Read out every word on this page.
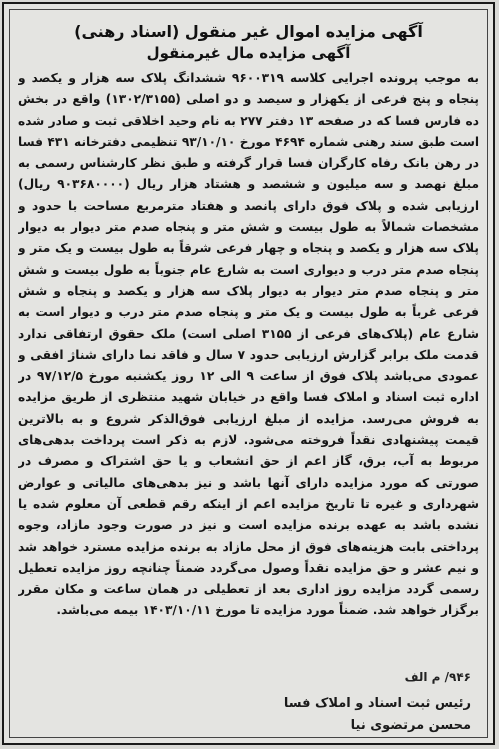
آگهی مزایده اموال غیر منقول (اسناد رهنی)
آگهی مزایده مال غیرمنقول

به موجب پرونده اجرایی کلاسه ۹۶۰۰۳۱۹ ششدانگ پلاک سه هزار و یکصد و پنجاه و پنج فرعی از یکهزار و سیصد و دو اصلی (۱۳۰۲/۳۱۵۵) واقع در بخش ده فارس فسا که در صفحه ۱۳ دفتر ۲۷۷ به نام وحید اخلاقی ثبت و صادر شده است طبق سند رهنی شماره ۴۶۹۴ مورخ ۹۳/۱۰/۱۰ تنظیمی دفترخانه ۴۳۱ فسا در رهن بانک رفاه کارگران فسا قرار گرفته و طبق نظر کارشناس رسمی به مبلغ نهصد و سه میلیون و ششصد و هشتاد هزار ریال (۹۰۳۶۸۰۰۰۰ ریال) ارزیابی شده و پلاک فوق دارای پانصد و هفتاد مترمربع مساحت با حدود و مشخصات شمالاً به طول بیست و شش متر و پنجاه صدم متر دیوار به دیوار پلاک سه هزار و یکصد و پنجاه و چهار فرعی شرقاً به طول بیست و یک متر و پنجاه صدم متر درب و دیواری است به شارع عام جنوباً به طول بیست و شش متر و پنجاه صدم متر دیوار به دیوار پلاک سه هزار و یکصد و پنجاه و شش فرعی غرباً به طول بیست و یک متر و پنجاه صدم متر درب و دیوار است به شارع عام (پلاک‌های فرعی از ۳۱۵۵ اصلی است) ملک حقوق ارتفاقی ندارد قدمت ملک برابر گزارش ارزیابی حدود ۷ سال و فاقد نما دارای شناژ افقی و عمودی می‌باشد پلاک فوق از ساعت ۹ الی ۱۲ روز یکشنبه مورخ ۹۷/۱۲/۵ در اداره ثبت اسناد و املاک فسا واقع در خیابان شهید منتظری از طریق مزایده به فروش می‌رسد. مزایده از مبلغ ارزیابی فوق‌الذکر شروع و به بالاترین قیمت پیشنهادی نقداً فروخته می‌شود. لازم به ذکر است پرداخت بدهی‌های مربوط به آب، برق، گاز اعم از حق انشعاب و یا حق اشتراک و مصرف در صورتی که مورد مزایده دارای آنها باشد و نیز بدهی‌های مالیاتی و عوارض شهرداری و غیره تا تاریخ مزایده اعم از اینکه رقم قطعی آن معلوم شده یا نشده باشد به عهده برنده مزایده است و نیز در صورت وجود مازاد، وجوه پرداختی بابت هزینه‌های فوق از محل مازاد به برنده مزایده مسترد خواهد شد و نیم عشر و حق مزایده نقداً وصول می‌گردد ضمناً چنانچه روز مزایده تعطیل رسمی گردد مزایده روز اداری بعد از تعطیلی در همان ساعت و مکان مقرر برگزار خواهد شد. ضمناً مورد مزایده تا مورخ ۱۴۰۳/۱۰/۱۱ بیمه می‌باشد.

۹۴۶/ م الف
رئیس ثبت اسناد و املاک فسا
محسن مرتضوی نیا
